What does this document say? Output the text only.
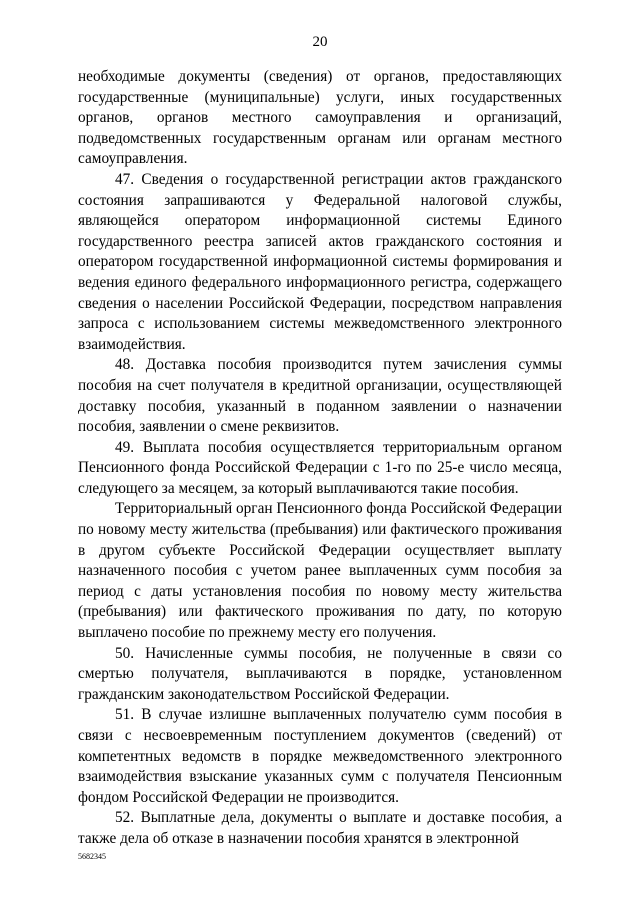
20

необходимые документы (сведения) от органов, предоставляющих государственные (муниципальные) услуги, иных государственных органов, органов местного самоуправления и организаций, подведомственных государственным органам или органам местного самоуправления.

47. Сведения о государственной регистрации актов гражданского состояния запрашиваются у Федеральной налоговой службы, являющейся оператором информационной системы Единого государственного реестра записей актов гражданского состояния и оператором государственной информационной системы формирования и ведения единого федерального информационного регистра, содержащего сведения о населении Российской Федерации, посредством направления запроса с использованием системы межведомственного электронного взаимодействия.

48. Доставка пособия производится путем зачисления суммы пособия на счет получателя в кредитной организации, осуществляющей доставку пособия, указанный в поданном заявлении о назначении пособия, заявлении о смене реквизитов.

49. Выплата пособия осуществляется территориальным органом Пенсионного фонда Российской Федерации с 1-го по 25-е число месяца, следующего за месяцем, за который выплачиваются такие пособия.

Территориальный орган Пенсионного фонда Российской Федерации по новому месту жительства (пребывания) или фактического проживания в другом субъекте Российской Федерации осуществляет выплату назначенного пособия с учетом ранее выплаченных сумм пособия за период с даты установления пособия по новому месту жительства (пребывания) или фактического проживания по дату, по которую выплачено пособие по прежнему месту его получения.

50. Начисленные суммы пособия, не полученные в связи со смертью получателя, выплачиваются в порядке, установленном гражданским законодательством Российской Федерации.

51. В случае излишне выплаченных получателю сумм пособия в связи с несвоевременным поступлением документов (сведений) от компетентных ведомств в порядке межведомственного электронного взаимодействия взыскание указанных сумм с получателя Пенсионным фондом Российской Федерации не производится.

52. Выплатные дела, документы о выплате и доставке пособия, а также дела об отказе в назначении пособия хранятся в электронной

5682345
